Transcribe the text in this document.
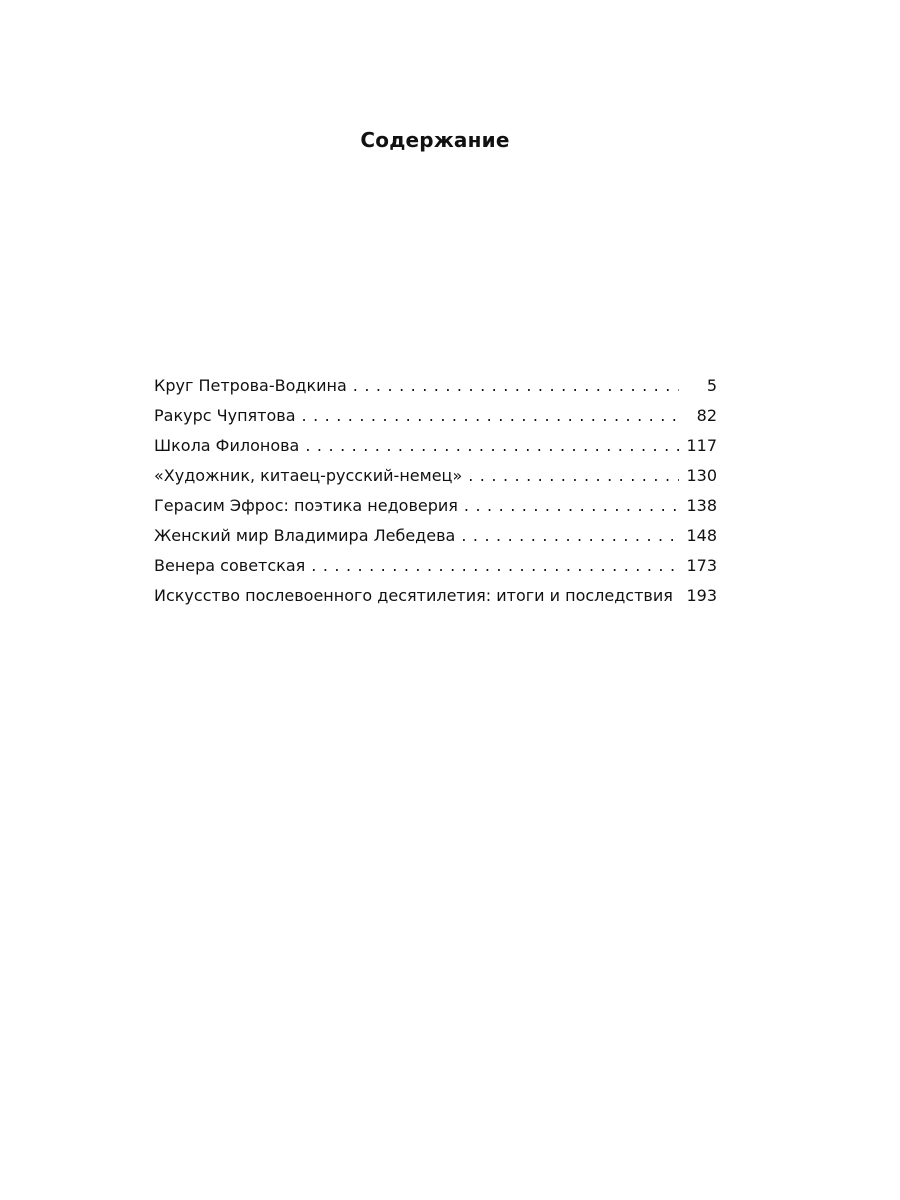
Содержание
Круг Петрова-Водкина . . .	5
Ракурс Чупятова . . .	82
Школа Филонова . . .	117
«Художник, китаец-русский-немец» . . .	130
Герасим Эфрос: поэтика недоверия . . .	138
Женский мир Владимира Лебедева . . .	148
Венера советская . . .	173
Искусство послевоенного десятилетия: итоги и последствия . . . 193
